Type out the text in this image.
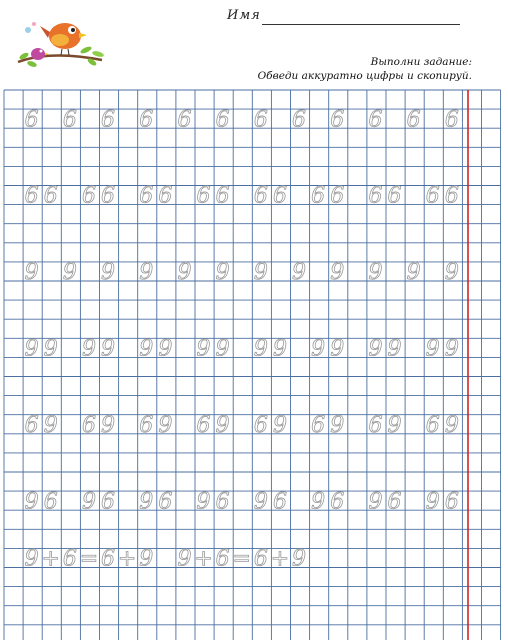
Имя
Выполни задание:
Обведи аккуратно цифры и скопируй.
6 6 6 6 6 6 6 6 6 6 6 6
6 6 6 6 6 6 6 6 6 6 6 6 6 6 6 6
9 9 9 9 9 9 9 9 9 9 9 9
9 9 9 9 9 9 9 9 9 9 9 9 9 9 9 9
6 9 6 9 6 9 6 9 6 9 6 9 6 9 6 9
9 6 9 6 9 6 9 6 9 6 9 6 9 6 9 6
9 + 6 = 6 + 9 9 + 6 = 6 + 9
